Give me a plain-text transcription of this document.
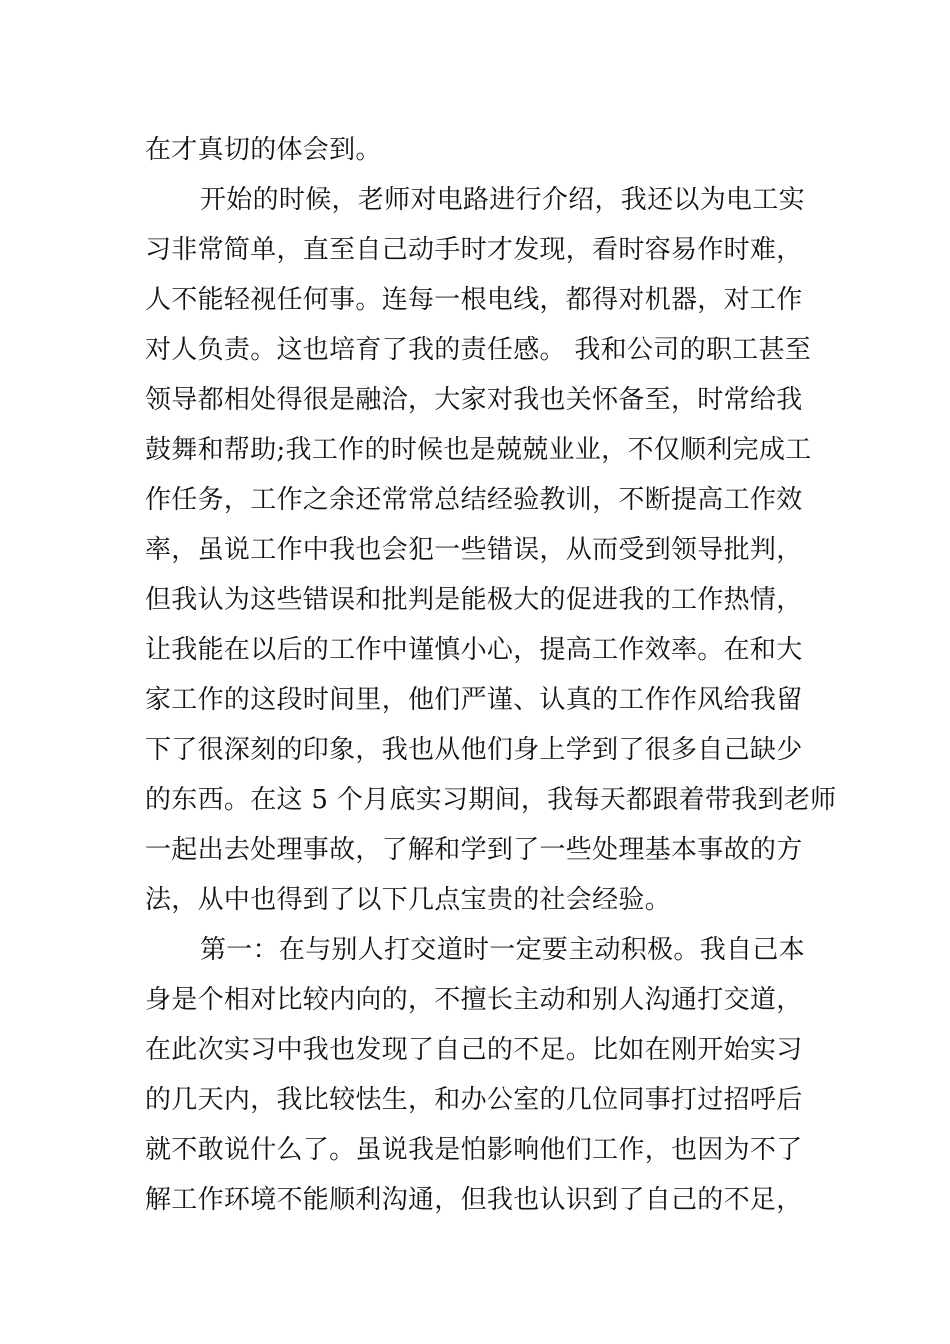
在才真切的体会到。
开始的时候，老师对电路进行介绍，我还以为电工实
习非常简单，直至自己动手时才发现，看时容易作时难，
人不能轻视任何事。连每一根电线，都得对机器，对工作
对人负责。这也培育了我的责任感。 我和公司的职工甚至
领导都相处得很是融洽，大家对我也关怀备至，时常给我
鼓舞和帮助;我工作的时候也是兢兢业业，不仅顺利完成工
作任务，工作之余还常常总结经验教训，不断提高工作效
率，虽说工作中我也会犯一些错误，从而受到领导批判，
但我认为这些错误和批判是能极大的促进我的工作热情，
让我能在以后的工作中谨慎小心，提高工作效率。在和大
家工作的这段时间里，他们严谨、认真的工作作风给我留
下了很深刻的印象，我也从他们身上学到了很多自己缺少
的东西。在这 5 个月底实习期间，我每天都跟着带我到老师
一起出去处理事故，了解和学到了一些处理基本事故的方
法，从中也得到了以下几点宝贵的社会经验。
第一：在与别人打交道时一定要主动积极。我自己本
身是个相对比较内向的，不擅长主动和别人沟通打交道，
在此次实习中我也发现了自己的不足。比如在刚开始实习
的几天内，我比较怯生，和办公室的几位同事打过招呼后
就不敢说什么了。虽说我是怕影响他们工作，也因为不了
解工作环境不能顺利沟通，但我也认识到了自己的不足，
